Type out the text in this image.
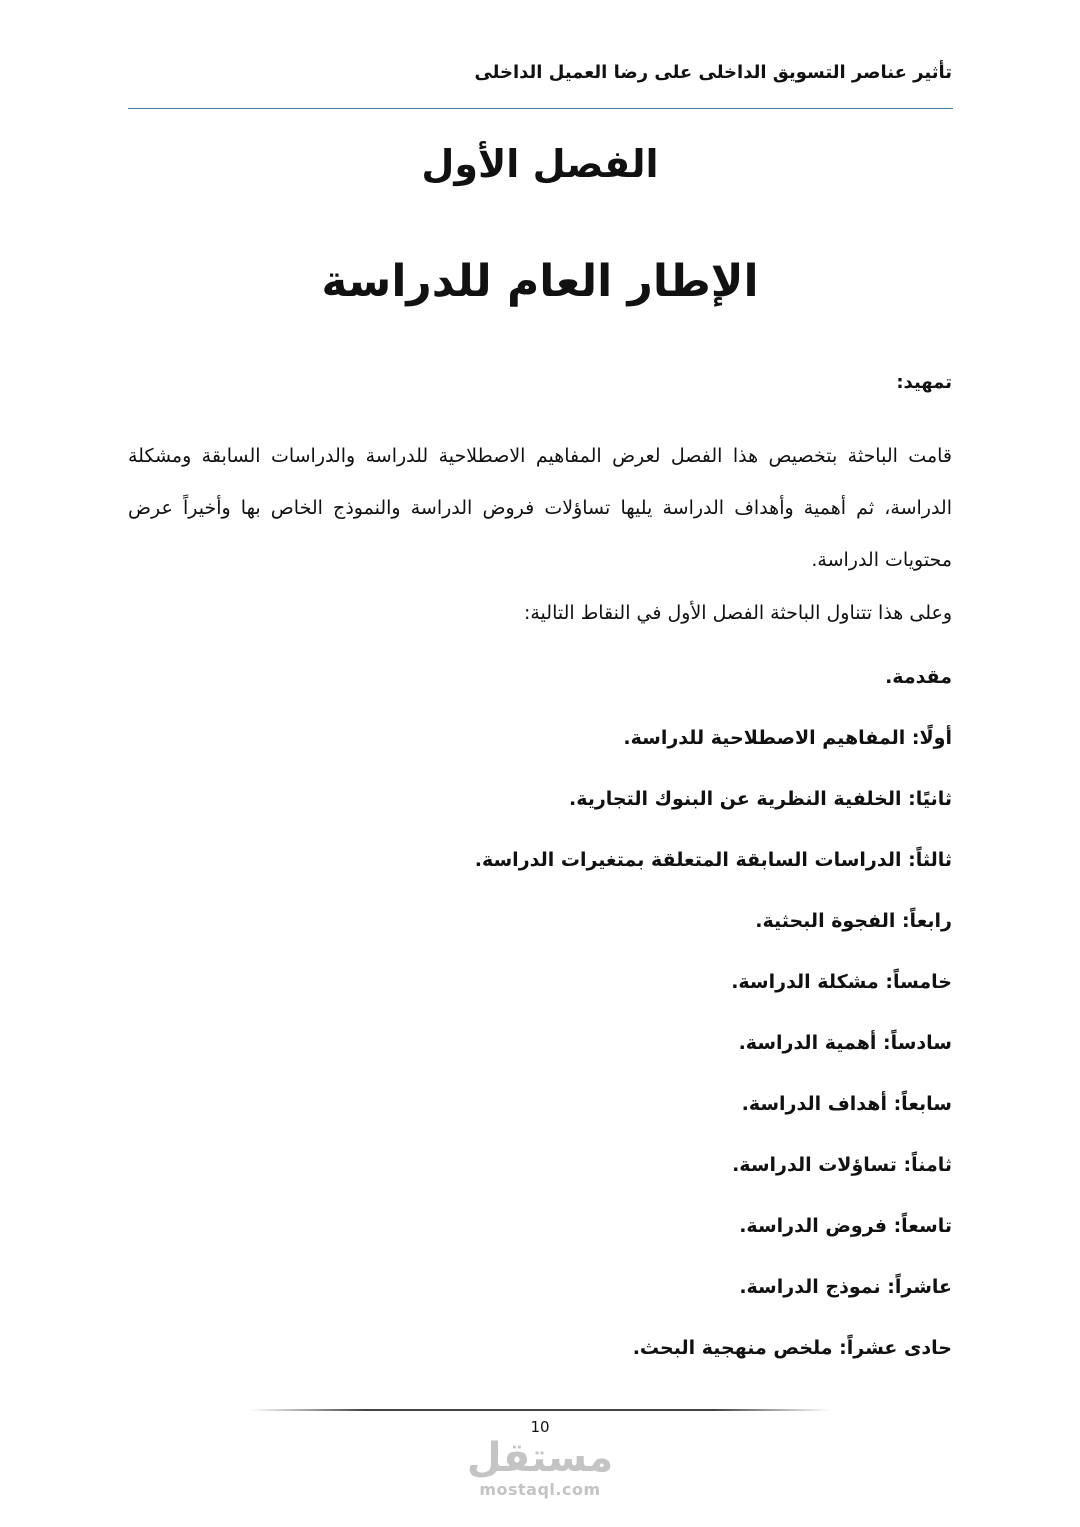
تأثير عناصر التسويق الداخلى على رضا العميل الداخلى
الفصل الأول
الإطار العام للدراسة
تمهيد:

قامت الباحثة بتخصيص هذا الفصل لعرض المفاهيم الاصطلاحية للدراسة والدراسات السابقة ومشكلة الدراسة، ثم أهمية وأهداف الدراسة يليها تساؤلات فروض الدراسة والنموذج الخاص بها وأخيراً عرض محتويات الدراسة.

وعلى هذا تتناول الباحثة الفصل الأول في النقاط التالية:
مقدمة.
أولًا: المفاهيم الاصطلاحية للدراسة.
ثانيًا: الخلفية النظرية عن البنوك التجارية.
ثالثاً: الدراسات السابقة المتعلقة بمتغيرات الدراسة.
رابعاً: الفجوة البحثية.
خامساً: مشكلة الدراسة.
سادساً: أهمية الدراسة.
سابعاً: أهداف الدراسة.
ثامناً: تساؤلات الدراسة.
تاسعاً: فروض الدراسة.
عاشراً: نموذج الدراسة.
حادى عشراً: ملخص منهجية البحث.
10
مستقل
mostaql.com
